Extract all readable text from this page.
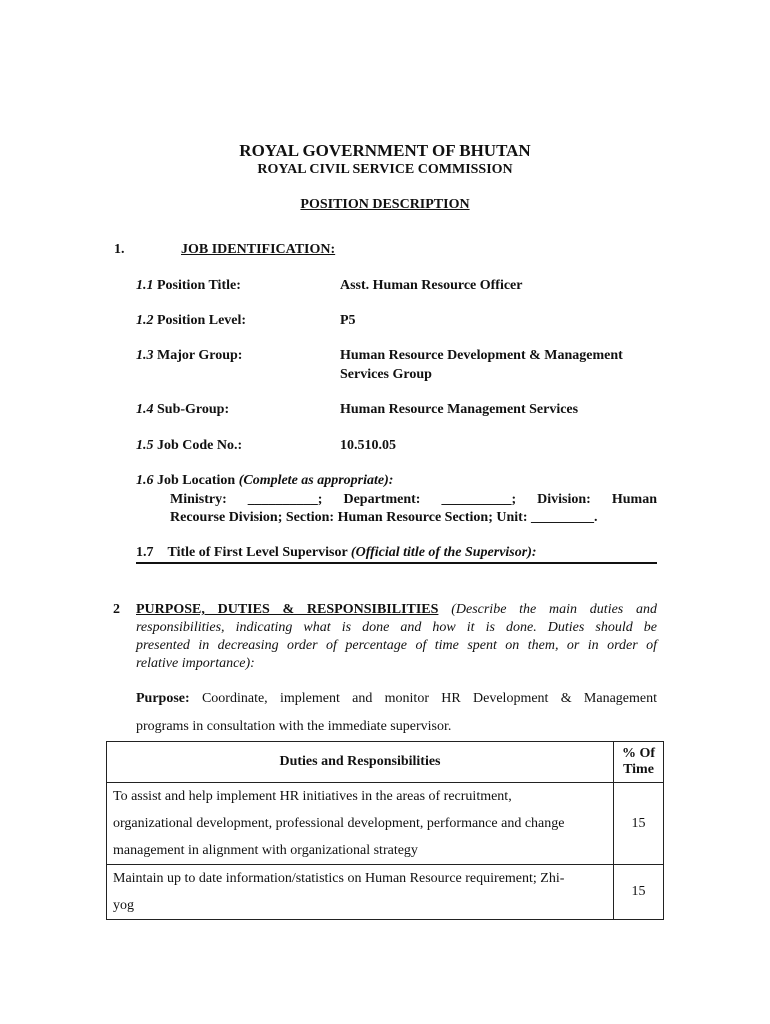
ROYAL GOVERNMENT OF BHUTAN
ROYAL CIVIL SERVICE COMMISSION
POSITION DESCRIPTION
1.	JOB IDENTIFICATION:
1.1 Position Title:	Asst. Human Resource Officer
1.2 Position Level:	P5
1.3 Major Group:	Human Resource Development & Management
Services Group
1.4 Sub-Group:	Human Resource Management Services
1.5 Job Code No.:	10.510.05
1.6 Job Location (Complete as appropriate):
Ministry: __________; Department: __________; Division: Human
Recourse Division; Section: Human Resource Section; Unit: _________.
1.7 Title of First Level Supervisor (Official title of the Supervisor):
2 PURPOSE, DUTIES & RESPONSIBILITIES (Describe the main duties and
responsibilities, indicating what is done and how it is done. Duties should be
presented in decreasing order of percentage of time spent on them, or in order of
relative importance):
Purpose: Coordinate, implement and monitor HR Development & Management
programs in consultation with the immediate supervisor.
Duties and Responsibilities	% Of
Time

To assist and help implement HR initiatives in the areas of recruitment,
organizational development, professional development, performance and change
management in alignment with organizational strategy	15

Maintain up to date information/statistics on Human Resource requirement; Zhi-
yog	15
